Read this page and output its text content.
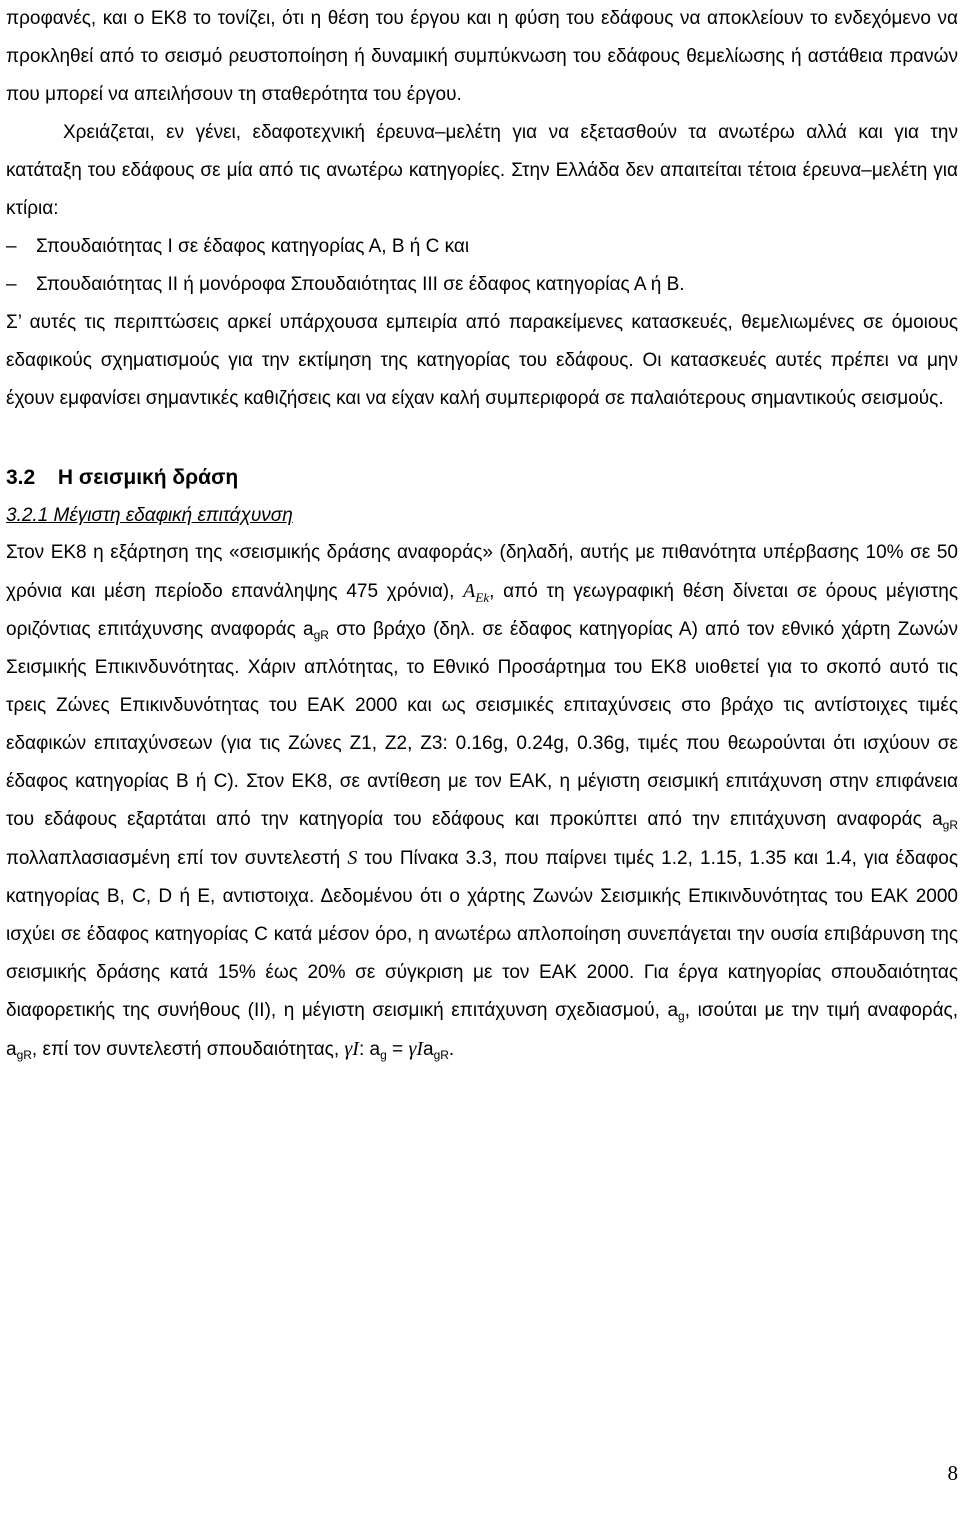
προφανές, και ο ΕΚ8 το τονίζει, ότι η θέση του έργου και η φύση του εδάφους να αποκλείουν το ενδεχόμενο να προκληθεί από το σεισμό ρευστοποίηση ή δυναμική συμπύκνωση του εδάφους θεμελίωσης ή αστάθεια πρανών που μπορεί να απειλήσουν τη σταθερότητα του έργου.

Χρειάζεται, εν γένει, εδαφοτεχνική έρευνα–μελέτη για να εξετασθούν τα ανωτέρω αλλά και για την κατάταξη του εδάφους σε μία από τις ανωτέρω κατηγορίες. Στην Ελλάδα δεν απαιτείται τέτοια έρευνα–μελέτη για κτίρια:

– Σπουδαιότητας Ι σε έδαφος κατηγορίας Α, Β ή C και
– Σπουδαιότητας ΙΙ ή μονόροφα Σπουδαιότητας ΙΙΙ σε έδαφος κατηγορίας Α ή Β.

Σ’ αυτές τις περιπτώσεις αρκεί υπάρχουσα εμπειρία από παρακείμενες κατασκευές, θεμελιωμένες σε όμοιους εδαφικούς σχηματισμούς για την εκτίμηση της κατηγορίας του εδάφους. Οι κατασκευές αυτές πρέπει να μην έχουν εμφανίσει σημαντικές καθιζήσεις και να είχαν καλή συμπεριφορά σε παλαιότερους σημαντικούς σεισμούς.

3.2 Η σεισμική δράση
3.2.1 Μέγιστη εδαφική επιτάχυνση

Στον ΕΚ8 η εξάρτηση της «σεισμικής δράσης αναφοράς» (δηλαδή, αυτής με πιθανότητα υπέρβασης 10% σε 50 χρόνια και μέση περίοδο επανάληψης 475 χρόνια), $A_{Ek}$, από τη γεωγραφική θέση δίνεται σε όρους μέγιστης οριζόντιας επιτάχυνσης αναφοράς $a_{gR}$ στο βράχο (δηλ. σε έδαφος κατηγορίας Α) από τον εθνικό χάρτη Ζωνών Σεισμικής Επικινδυνότητας. Χάριν απλότητας, το Εθνικό Προσάρτημα του ΕΚ8 υιοθετεί για το σκοπό αυτό τις τρεις Ζώνες Επικινδυνότητας του ΕΑΚ 2000 και ως σεισμικές επιταχύνσεις στο βράχο τις αντίστοιχες τιμές εδαφικών επιταχύνσεων (για τις Ζώνες Ζ1, Ζ2, Ζ3: 0.16g, 0.24g, 0.36g, τιμές που θεωρούνται ότι ισχύουν σε έδαφος κατηγορίας Β ή C). Στον ΕΚ8, σε αντίθεση με τον ΕΑΚ, η μέγιστη σεισμική επιτάχυνση στην επιφάνεια του εδάφους εξαρτάται από την κατηγορία του εδάφους και προκύπτει από την επιτάχυνση αναφοράς $a_{gR}$ πολλαπλασιασμένη επί τον συντελεστή S του Πίνακα 3.3, που παίρνει τιμές 1.2, 1.15, 1.35 και 1.4, για έδαφος κατηγορίας Β, C, D ή Ε, αντιστοιχα. Δεδομένου ότι ο χάρτης Ζωνών Σεισμικής Επικινδυνότητας του ΕΑΚ 2000 ισχύει σε έδαφος κατηγορίας C κατά μέσον όρο, η ανωτέρω απλοποίηση συνεπάγεται την ουσία επιβάρυνση της σεισμικής δράσης κατά 15% έως 20% σε σύγκριση με τον ΕΑΚ 2000. Για έργα κατηγορίας σπουδαιότητας διαφορετικής της συνήθους (ΙΙ), η μέγιστη σεισμική επιτάχυνση σχεδιασμού, $a_g$, ισούται με την τιμή αναφοράς, $a_{gR}$, επί τον συντελεστή σπουδαιότητας, γΙ: $a_g = \gamma Ia_{gR}$.

8
